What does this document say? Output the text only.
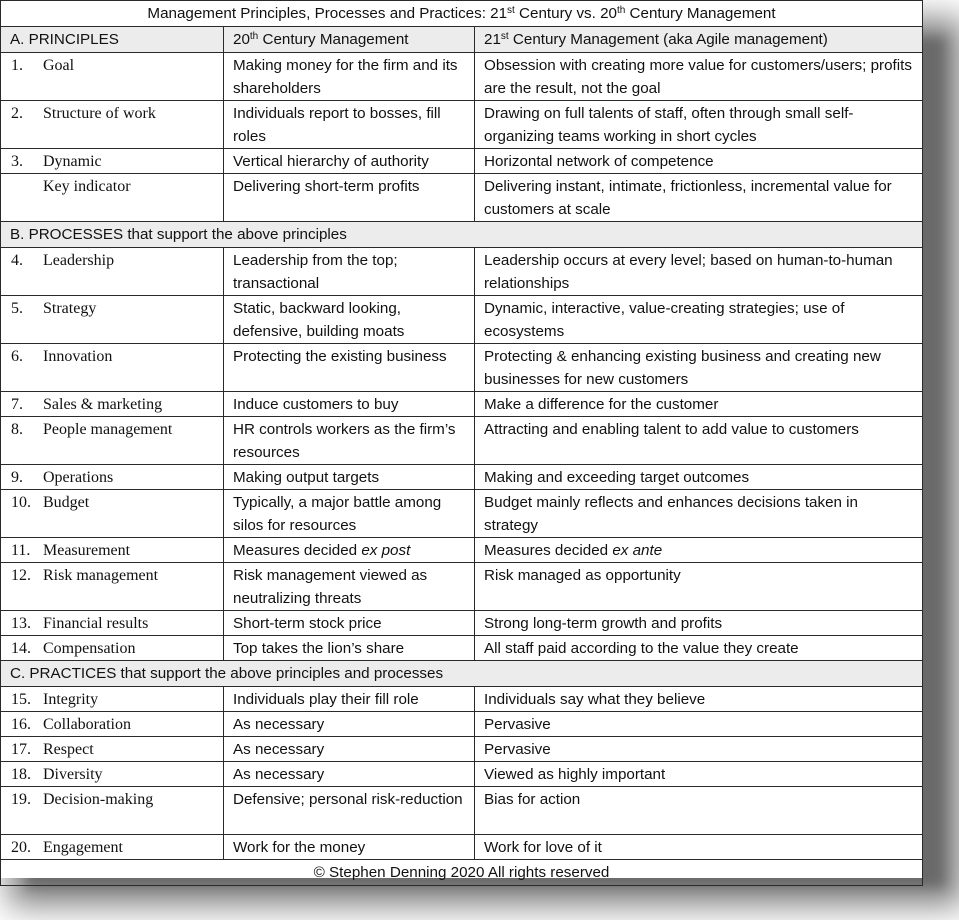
Management Principles, Processes and Practices: 21st Century vs. 20th Century Management		
A. PRINCIPLES	20th Century Management	21st Century Management (aka Agile management)
1. Goal	Making money for the firm and its shareholders	Obsession with creating more value for customers/users; profits are the result, not the goal
2. Structure of work	Individuals report to bosses, fill roles	Drawing on full talents of staff, often through small self-organizing teams working in short cycles
3. Dynamic	Vertical hierarchy of authority	Horizontal network of competence
Key indicator	Delivering short-term profits	Delivering instant, intimate, frictionless, incremental value for customers at scale
B. PROCESSES that support the above principles		
4. Leadership	Leadership from the top; transactional	Leadership occurs at every level; based on human-to-human relationships
5. Strategy	Static, backward looking, defensive, building moats	Dynamic, interactive, value-creating strategies; use of ecosystems
6. Innovation	Protecting the existing business	Protecting & enhancing existing business and creating new businesses for new customers
7. Sales & marketing	Induce customers to buy	Make a difference for the customer
8. People management	HR controls workers as the firm’s resources	Attracting and enabling talent to add value to customers
9. Operations	Making output targets	Making and exceeding target outcomes
10. Budget	Typically, a major battle among silos for resources	Budget mainly reflects and enhances decisions taken in strategy
11. Measurement	Measures decided ex post	Measures decided ex ante
12. Risk management	Risk management viewed as neutralizing threats	Risk managed as opportunity
13. Financial results	Short-term stock price	Strong long-term growth and profits
14. Compensation	Top takes the lion’s share	All staff paid according to the value they create
C. PRACTICES that support the above principles and processes		
15. Integrity	Individuals play their fill role	Individuals say what they believe
16. Collaboration	As necessary	Pervasive
17. Respect	As necessary	Pervasive
18. Diversity	As necessary	Viewed as highly important
19. Decision-making	Defensive; personal risk-reduction	Bias for action
20. Engagement	Work for the money	Work for love of it
© Stephen Denning 2020 All rights reserved		
